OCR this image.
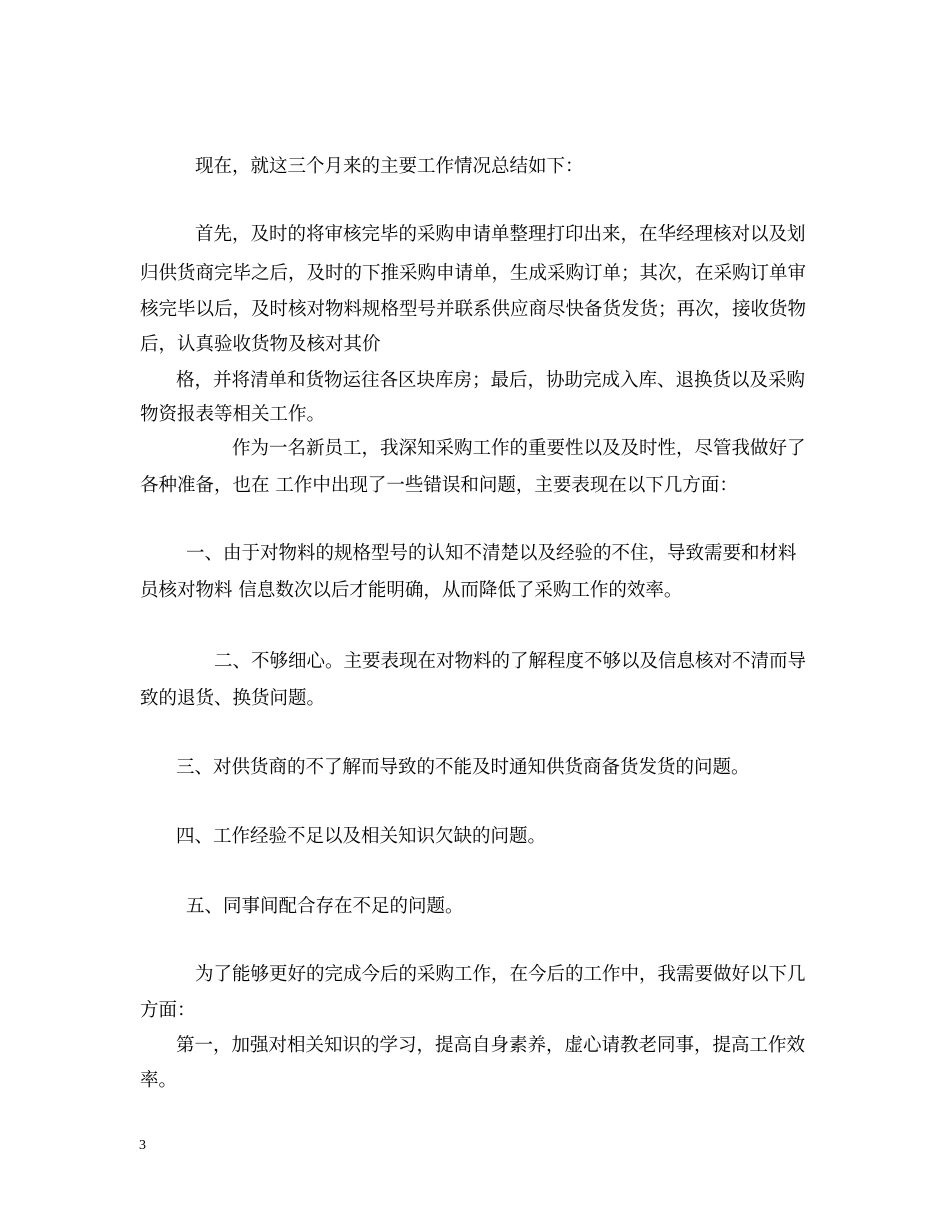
现在，就这三个月来的主要工作情况总结如下：
首先，及时的将审核完毕的采购申请单整理打印出来，在华经理核对以及划
归供货商完毕之后，及时的下推采购申请单，生成采购订单；其次，在采购订单审
核完毕以后，及时核对物料规格型号并联系供应商尽快备货发货；再次，接收货物
后，认真验收货物及核对其价
格，并将清单和货物运往各区块库房；最后，协助完成入库、退换货以及采购
物资报表等相关工作。
作为一名新员工，我深知采购工作的重要性以及及时性，尽管我做好了
各种准备，也在 工作中出现了一些错误和问题，主要表现在以下几方面：
一、由于对物料的规格型号的认知不清楚以及经验的不住，导致需要和材料
员核对物料 信息数次以后才能明确，从而降低了采购工作的效率。
二、不够细心。主要表现在对物料的了解程度不够以及信息核对不清而导
致的退货、换货问题。
三、对供货商的不了解而导致的不能及时通知供货商备货发货的问题。
四、工作经验不足以及相关知识欠缺的问题。
五、同事间配合存在不足的问题。
为了能够更好的完成今后的采购工作，在今后的工作中，我需要做好以下几
方面：
第一，加强对相关知识的学习，提高自身素养，虚心请教老同事，提高工作效
率。
3
